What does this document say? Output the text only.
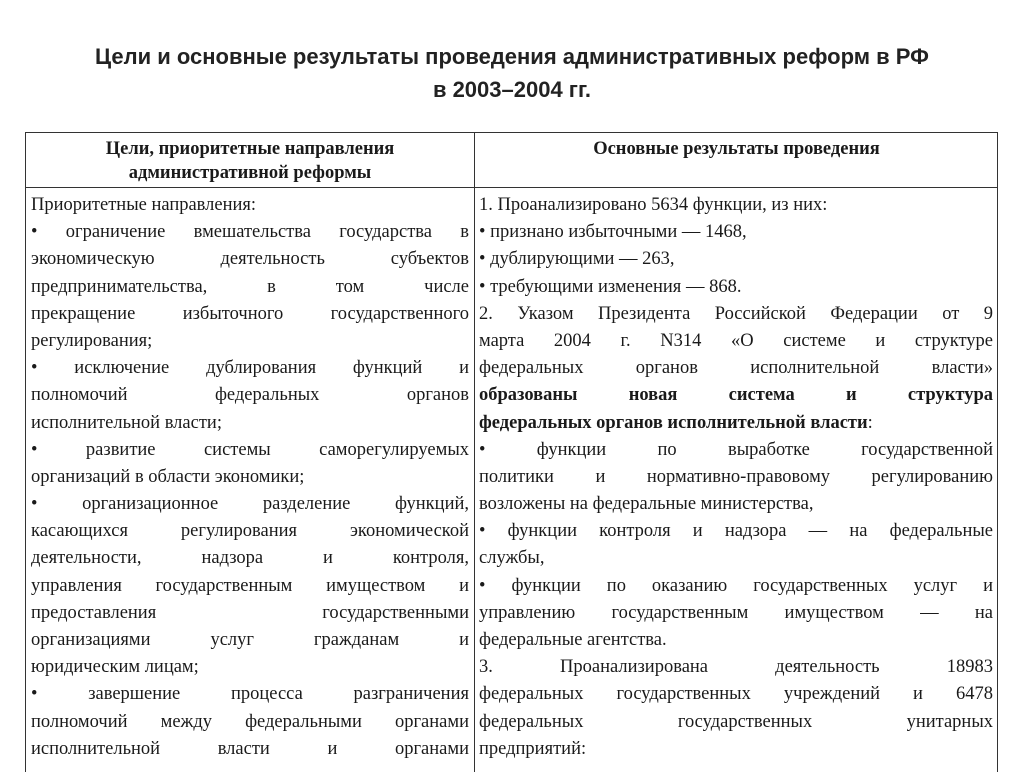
Цели и основные результаты проведения административных реформ в РФ
в 2003–2004 гг.
Цели, приоритетные направления
административной реформы
Основные результаты проведения
Приоритетные направления:
• ограничение вмешательства государства в
экономическую деятельность субъектов
предпринимательства, в том числе
прекращение избыточного государственного
регулирования;
• исключение дублирования функций и
полномочий федеральных органов
исполнительной власти;
• развитие системы саморегулируемых
организаций в области экономики;
• организационное разделение функций,
касающихся регулирования экономической
деятельности, надзора и контроля,
управления государственным имуществом и
предоставления государственными
организациями услуг гражданам и
юридическим лицам;
• завершение процесса разграничения
полномочий между федеральными органами
исполнительной власти и органами
1. Проанализировано 5634 функции, из них:
• признано избыточными — 1468,
• дублирующими — 263,
• требующими изменения — 868.
2. Указом Президента Российской Федерации от 9
марта 2004 г. N314 «О системе и структуре
федеральных органов исполнительной власти»
образованы новая система и структура
федеральных органов исполнительной власти:
• функции по выработке государственной
политики и нормативно-правовому регулированию
возложены на федеральные министерства,
• функции контроля и надзора — на федеральные
службы,
• функции по оказанию государственных услуг и
управлению государственным имуществом — на
федеральные агентства.
3. Проанализирована деятельность 18983
федеральных государственных учреждений и 6478
федеральных государственных унитарных
предприятий:
